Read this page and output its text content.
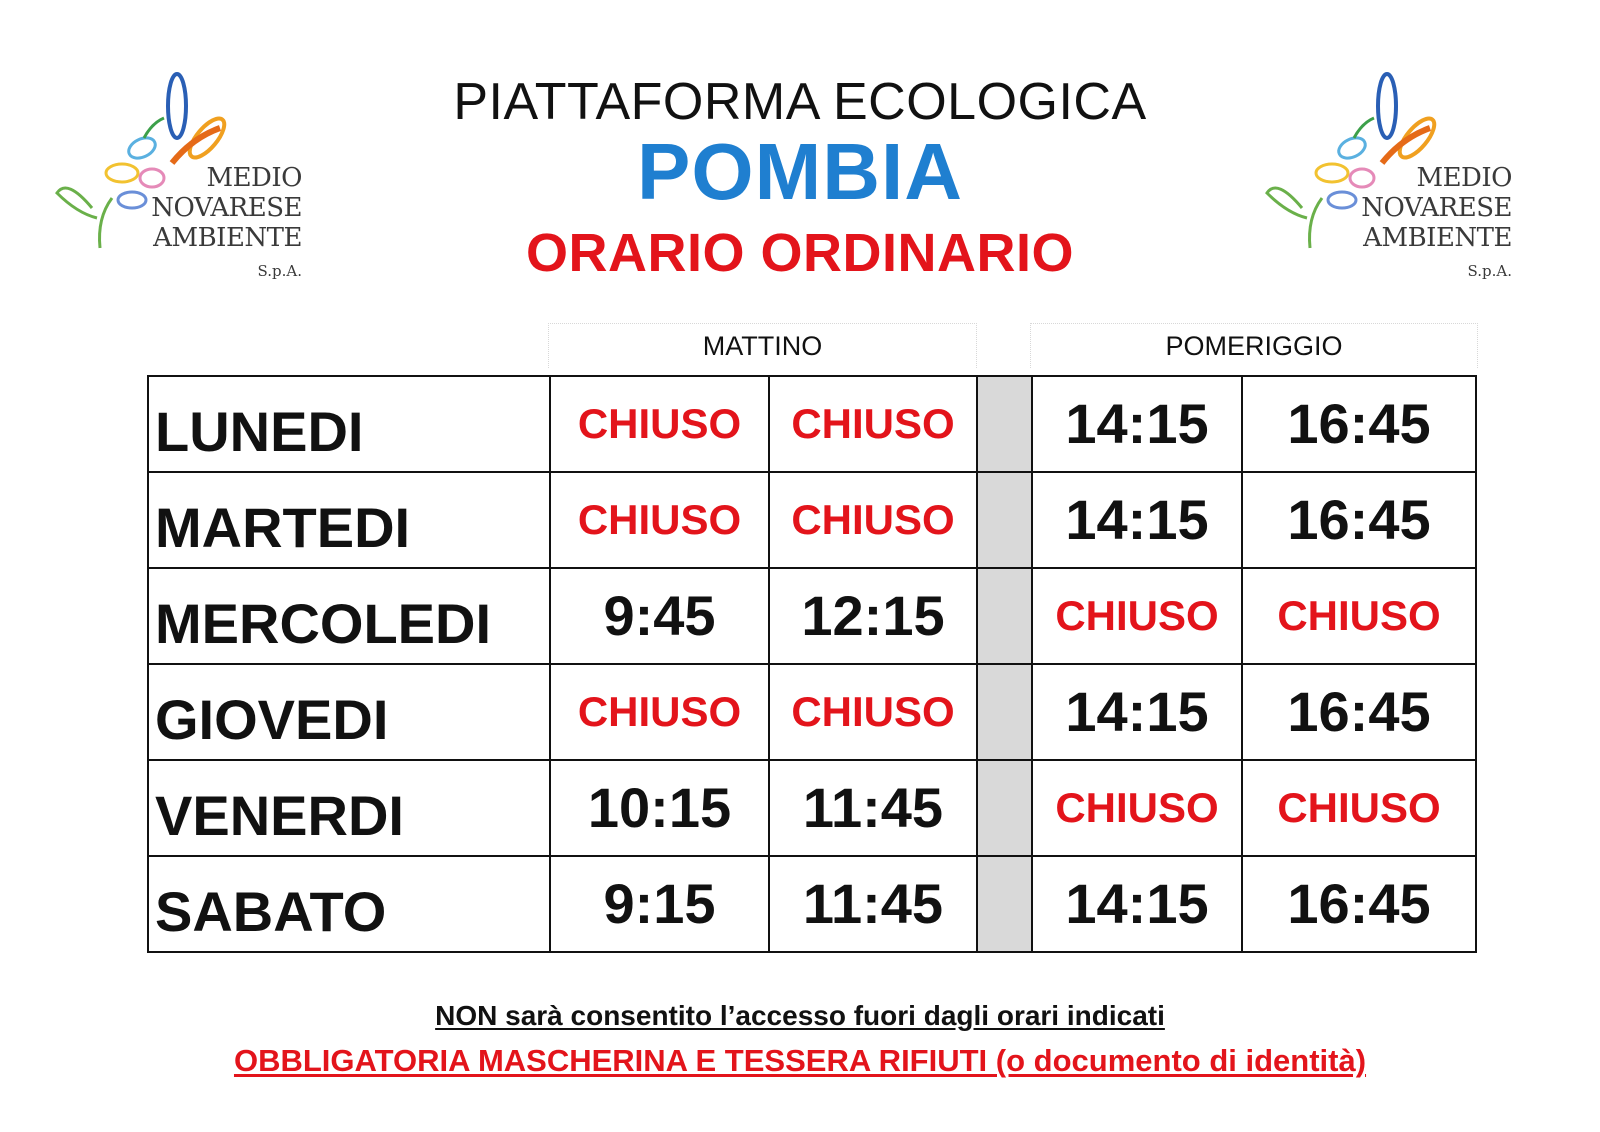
MEDIO
NOVARESE
AMBIENTE S.p.A.
MEDIO
NOVARESE
AMBIENTE S.p.A.
PIATTAFORMA ECOLOGICA
POMBIA
ORARIO ORDINARIO
MATTINO	POMERIGGIO
LUNEDI	CHIUSO	CHIUSO		14:15	16:45
MARTEDI	CHIUSO	CHIUSO		14:15	16:45
MERCOLEDI	9:45	12:15		CHIUSO	CHIUSO
GIOVEDI	CHIUSO	CHIUSO		14:15	16:45
VENERDI	10:15	11:45		CHIUSO	CHIUSO
SABATO	9:15	11:45		14:15	16:45
NON sarà consentito l’accesso fuori dagli orari indicati
OBBLIGATORIA MASCHERINA E TESSERA RIFIUTI (o documento di identità)
